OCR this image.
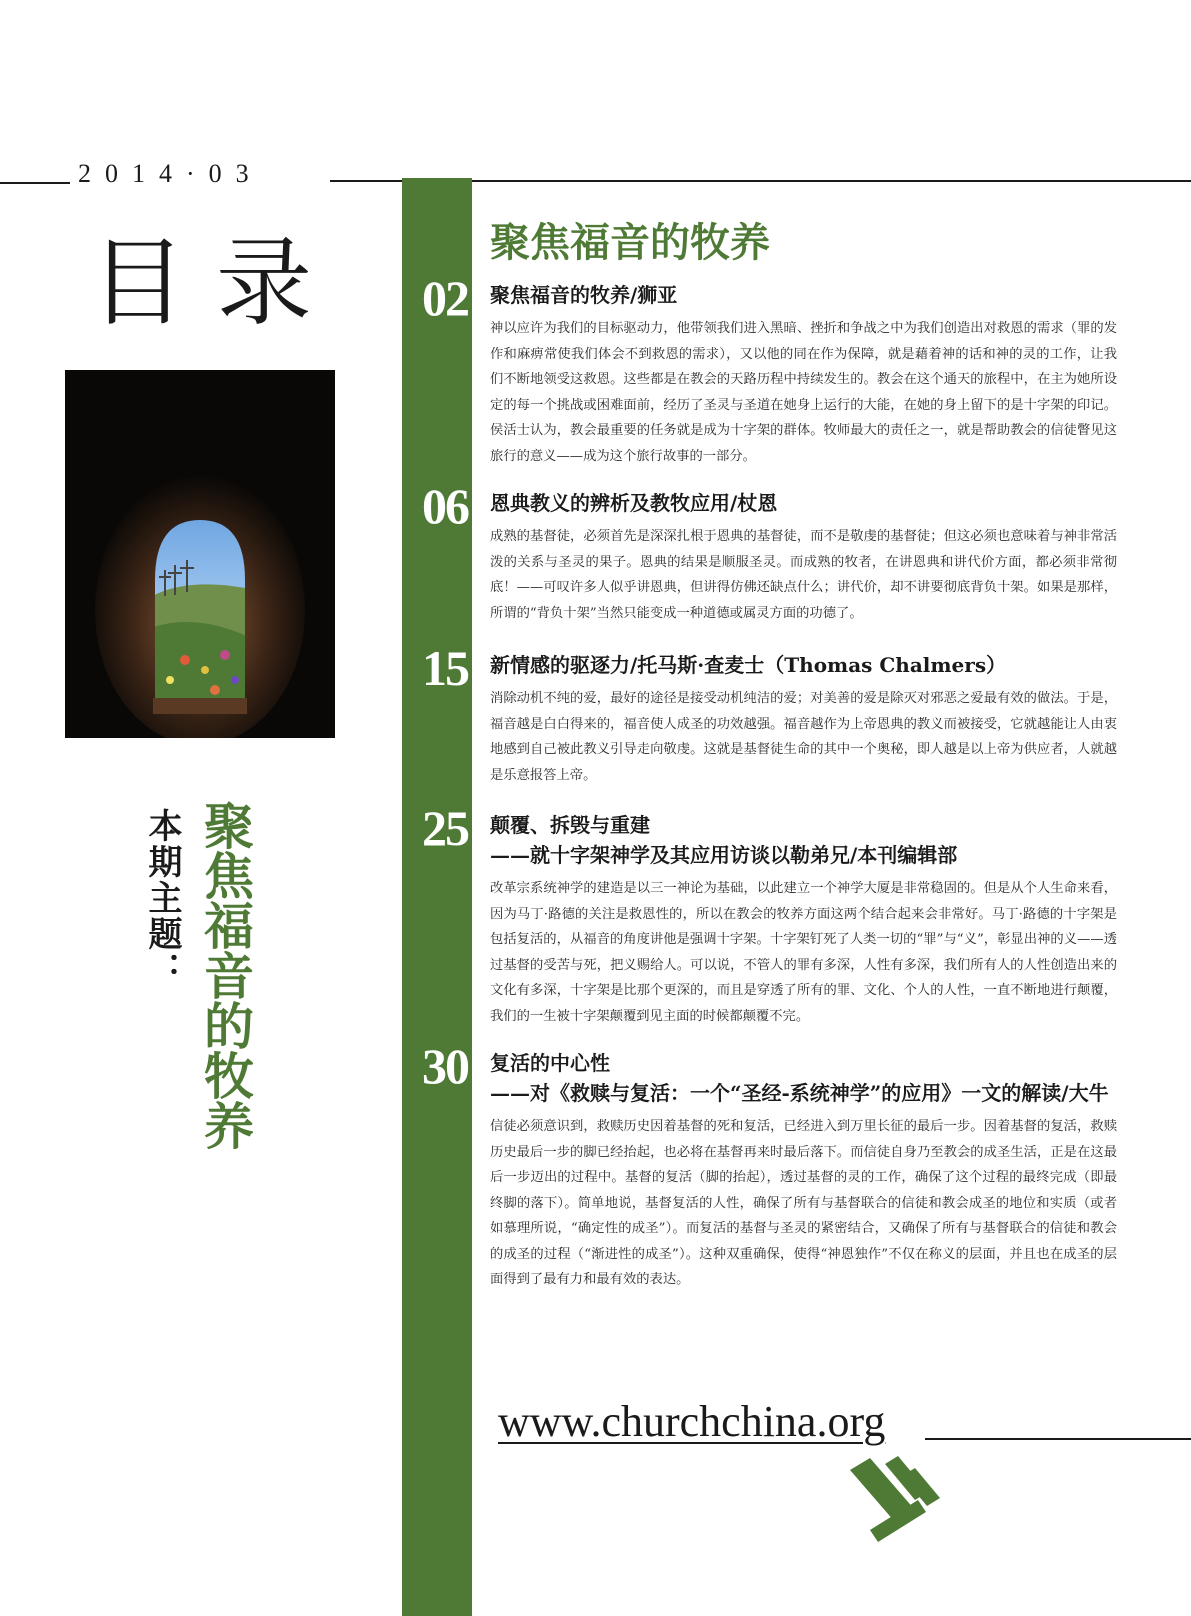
2014·03
目录
本期主题： 聚焦福音的牧养
聚焦福音的牧养
02 聚焦福音的牧养/狮亚
神以应许为我们的目标驱动力，他带领我们进入黑暗、挫折和争战之中为我们创造出对救恩的需求（罪的发作和麻痹常使我们体会不到救恩的需求），又以他的同在作为保障，就是藉着神的话和神的灵的工作，让我们不断地领受这救恩。这些都是在教会的天路历程中持续发生的。教会在这个通天的旅程中，在主为她所设定的每一个挑战或困难面前，经历了圣灵与圣道在她身上运行的大能，在她的身上留下的是十字架的印记。侯活士认为，教会最重要的任务就是成为十字架的群体。牧师最大的责任之一，就是帮助教会的信徒瞥见这旅行的意义——成为这个旅行故事的一部分。
06 恩典教义的辨析及教牧应用/杖恩
成熟的基督徒，必须首先是深深扎根于恩典的基督徒，而不是敬虔的基督徒；但这必须也意味着与神非常活泼的关系与圣灵的果子。恩典的结果是顺服圣灵。而成熟的牧者，在讲恩典和讲代价方面，都必须非常彻底！——可叹许多人似乎讲恩典，但讲得仿佛还缺点什么；讲代价，却不讲要彻底背负十架。如果是那样，所谓的“背负十架”当然只能变成一种道德或属灵方面的功德了。
15 新情感的驱逐力/托马斯·查麦士（Thomas Chalmers）
消除动机不纯的爱，最好的途径是接受动机纯洁的爱；对美善的爱是除灭对邪恶之爱最有效的做法。于是，福音越是白白得来的，福音使人成圣的功效越强。福音越作为上帝恩典的教义而被接受，它就越能让人由衷地感到自己被此教义引导走向敬虔。这就是基督徒生命的其中一个奥秘，即人越是以上帝为供应者，人就越是乐意报答上帝。
25 颠覆、拆毁与重建
——就十字架神学及其应用访谈以勒弟兄/本刊编辑部
改革宗系统神学的建造是以三一神论为基础，以此建立一个神学大厦是非常稳固的。但是从个人生命来看，因为马丁·路德的关注是救恩性的，所以在教会的牧养方面这两个结合起来会非常好。马丁·路德的十字架是包括复活的，从福音的角度讲他是强调十字架。十字架钉死了人类一切的“罪”与“义”，彰显出神的义——透过基督的受苦与死，把义赐给人。可以说，不管人的罪有多深，人性有多深，我们所有人的人性创造出来的文化有多深，十字架是比那个更深的，而且是穿透了所有的罪、文化、个人的人性，一直不断地进行颠覆，我们的一生被十字架颠覆到见主面的时候都颠覆不完。
30 复活的中心性
——对《救赎与复活：一个“圣经-系统神学”的应用》一文的解读/大牛
信徒必须意识到，救赎历史因着基督的死和复活，已经进入到万里长征的最后一步。因着基督的复活，救赎历史最后一步的脚已经抬起，也必将在基督再来时最后落下。而信徒自身乃至教会的成圣生活，正是在这最后一步迈出的过程中。基督的复活（脚的抬起），透过基督的灵的工作，确保了这个过程的最终完成（即最终脚的落下）。简单地说，基督复活的人性，确保了所有与基督联合的信徒和教会成圣的地位和实质（或者如慕理所说，“确定性的成圣”）。而复活的基督与圣灵的紧密结合，又确保了所有与基督联合的信徒和教会的成圣的过程（“渐进性的成圣”）。这种双重确保，使得“神恩独作”不仅在称义的层面，并且也在成圣的层面得到了最有力和最有效的表达。
www.churchchina.org
